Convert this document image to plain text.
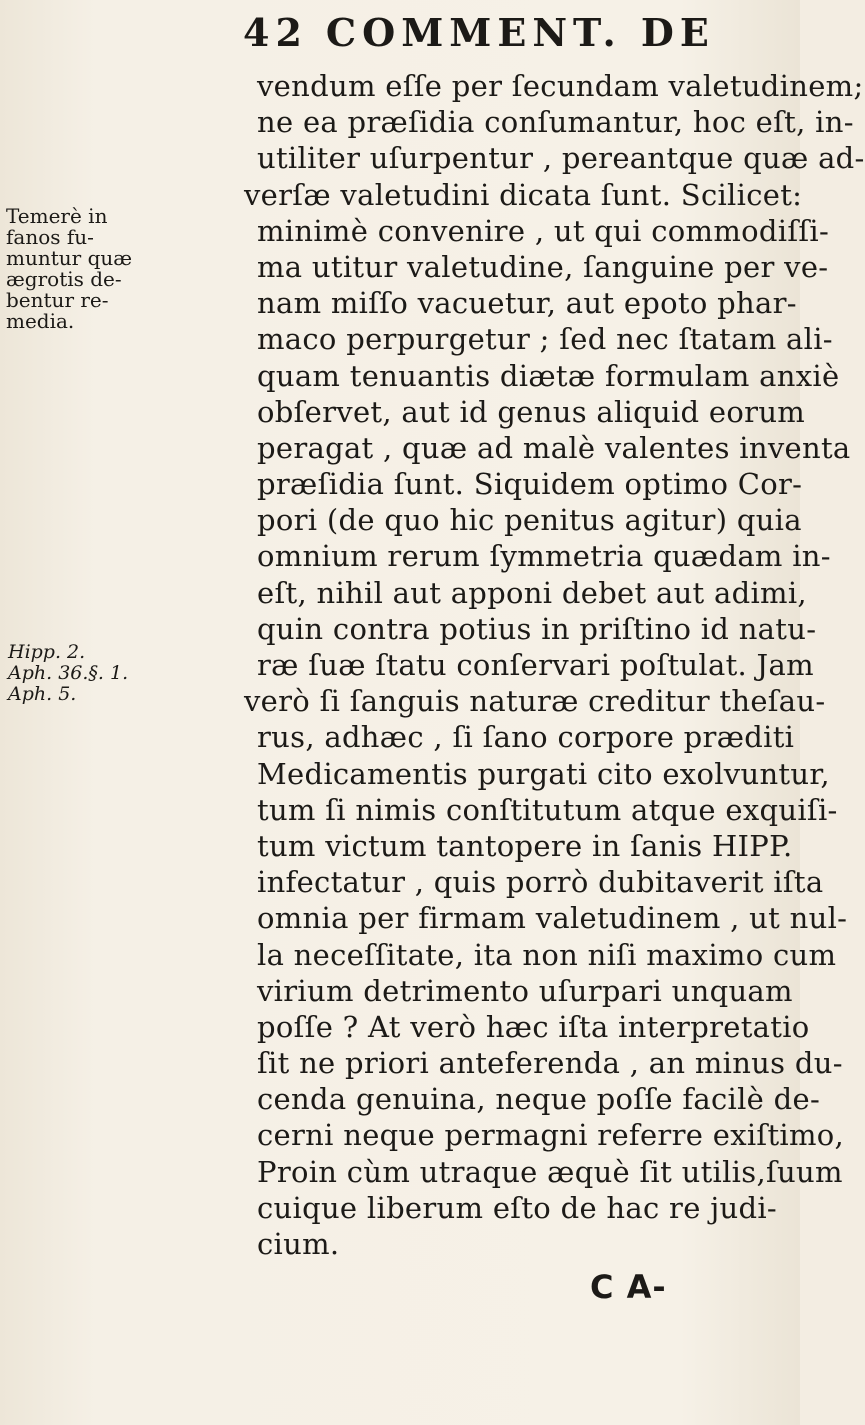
42 COMMENT. DE
Temerè in
fanos fu-
muntur quæ
ægrotis de-
bentur re-
media.
Hipp. 2.
Aph. 36.§. 1.
Aph. 5.
vendum eſſe per ſecundam valetudinem;
ne ea præſidia conſumantur, hoc eſt, in-
utiliter uſurpentur , pereantque quæ ad-
verſæ valetudini dicata ſunt. Scilicet:
minimè convenire , ut qui commodiſſi-
ma utitur valetudine, ſanguine per ve-
nam miſſo vacuetur, aut epoto phar-
maco perpurgetur ; ſed nec ſtatam ali-
quam tenuantis diætæ formulam anxiè
obſervet, aut id genus aliquid eorum
peragat , quæ ad malè valentes inventa
præſidia ſunt. Siquidem optimo Cor-
pori (de quo hic penitus agitur) quia
omnium rerum ſymmetria quædam in-
eſt, nihil aut apponi debet aut adimi,
quin contra potius in priſtino id natu-
ræ ſuæ ſtatu conſervari poſtulat. Jam
verò ſi ſanguis naturæ creditur theſau-
rus, adhæc , ſi ſano corpore præditi
Medicamentis purgati cito exolvuntur,
tum ſi nimis conſtitutum atque exquiſi-
tum victum tantopere in ſanis HIPP.
infectatur , quis porrò dubitaverit iſta
omnia per firmam valetudinem , ut nul-
la neceſſitate, ita non niſi maximo cum
virium detrimento uſurpari unquam
poſſe ? At verò hæc iſta interpretatio
ſit ne priori anteferenda , an minus du-
cenda genuina, neque poſſe facilè de-
cerni neque permagni referre exiſtimo,
Proin cùm utraque æquè ſit utilis,ſuum
cuique liberum eſto de hac re judi-
cium.
C A-
